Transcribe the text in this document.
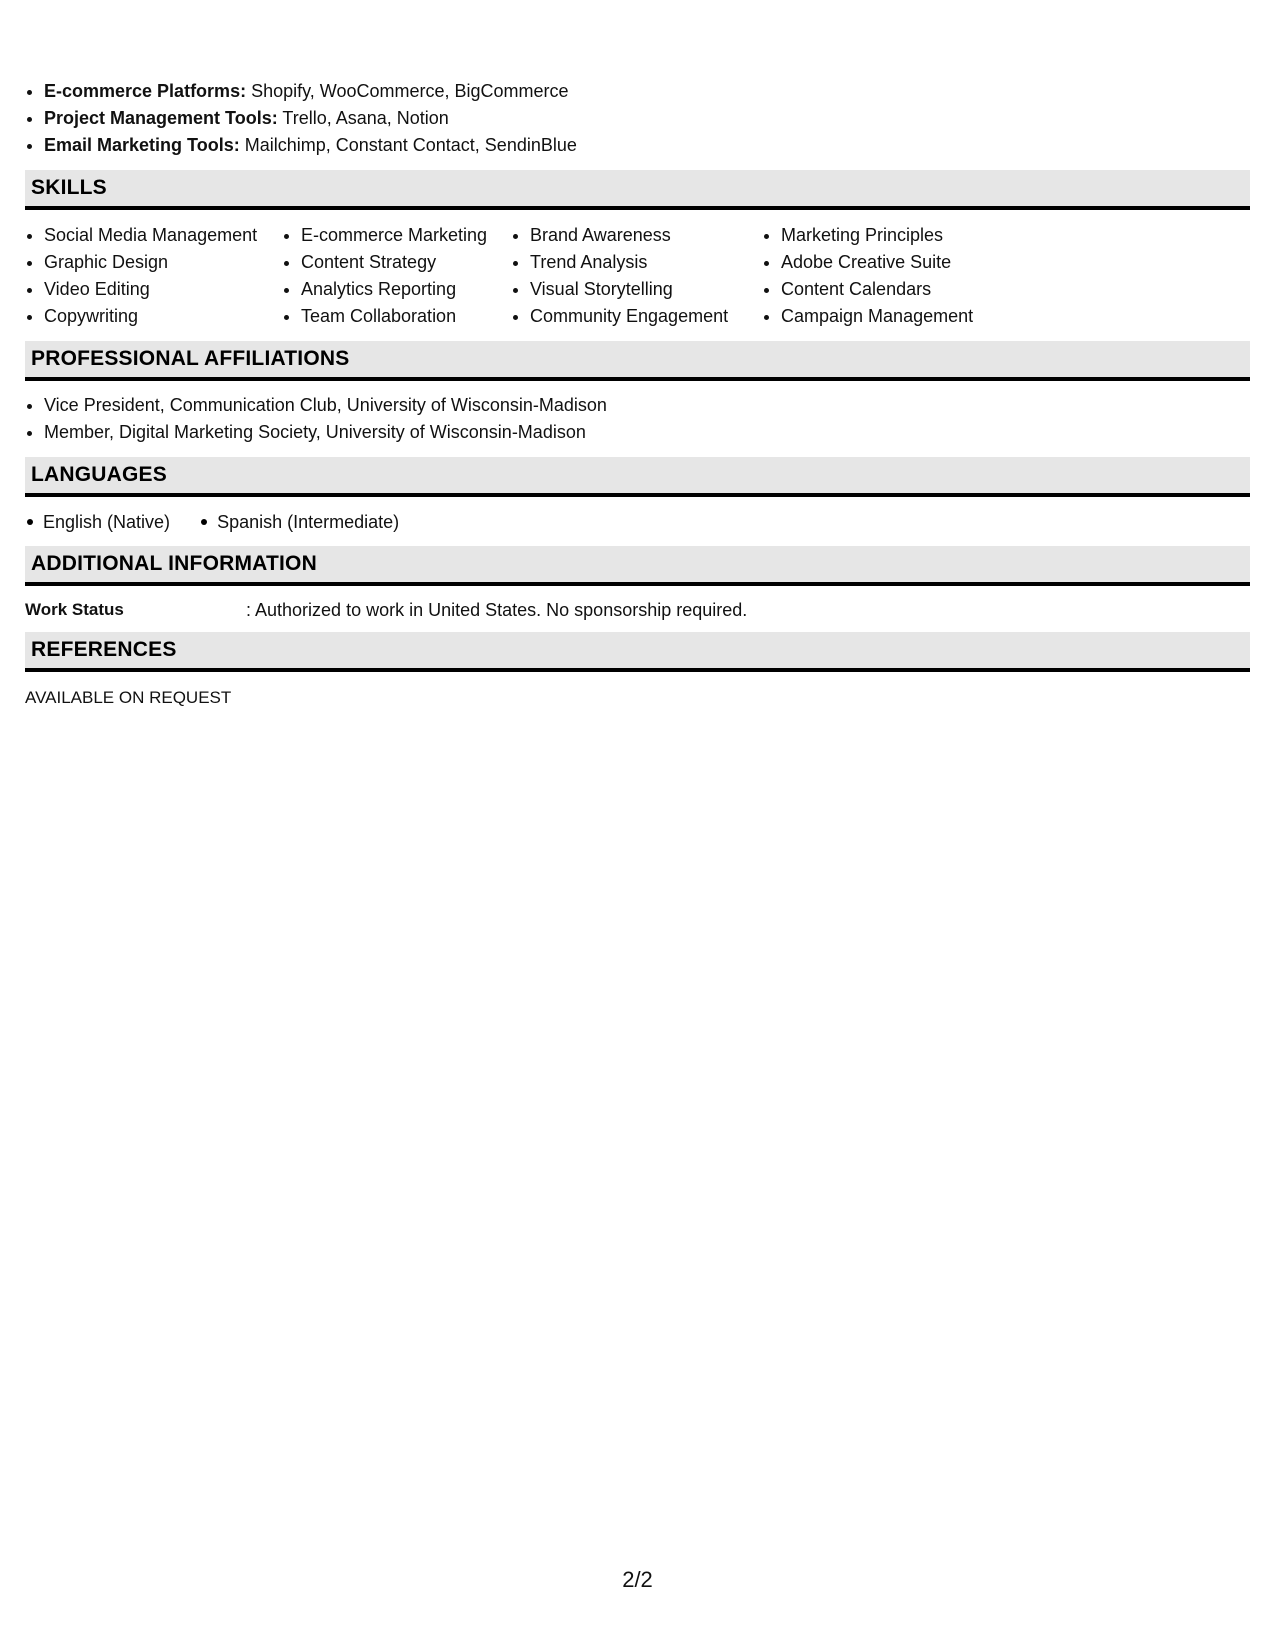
• E-commerce Platforms: Shopify, WooCommerce, BigCommerce
• Project Management Tools: Trello, Asana, Notion
• Email Marketing Tools: Mailchimp, Constant Contact, SendinBlue
SKILLS
• Social Media Management
• Graphic Design
• Video Editing
• Copywriting
• E-commerce Marketing
• Content Strategy
• Analytics Reporting
• Team Collaboration
• Brand Awareness
• Trend Analysis
• Visual Storytelling
• Community Engagement
• Marketing Principles
• Adobe Creative Suite
• Content Calendars
• Campaign Management
PROFESSIONAL AFFILIATIONS
• Vice President, Communication Club, University of Wisconsin-Madison
• Member, Digital Marketing Society, University of Wisconsin-Madison
LANGUAGES
English (Native)	Spanish (Intermediate)
ADDITIONAL INFORMATION
Work Status	: Authorized to work in United States. No sponsorship required.
REFERENCES
AVAILABLE ON REQUEST
2/2
